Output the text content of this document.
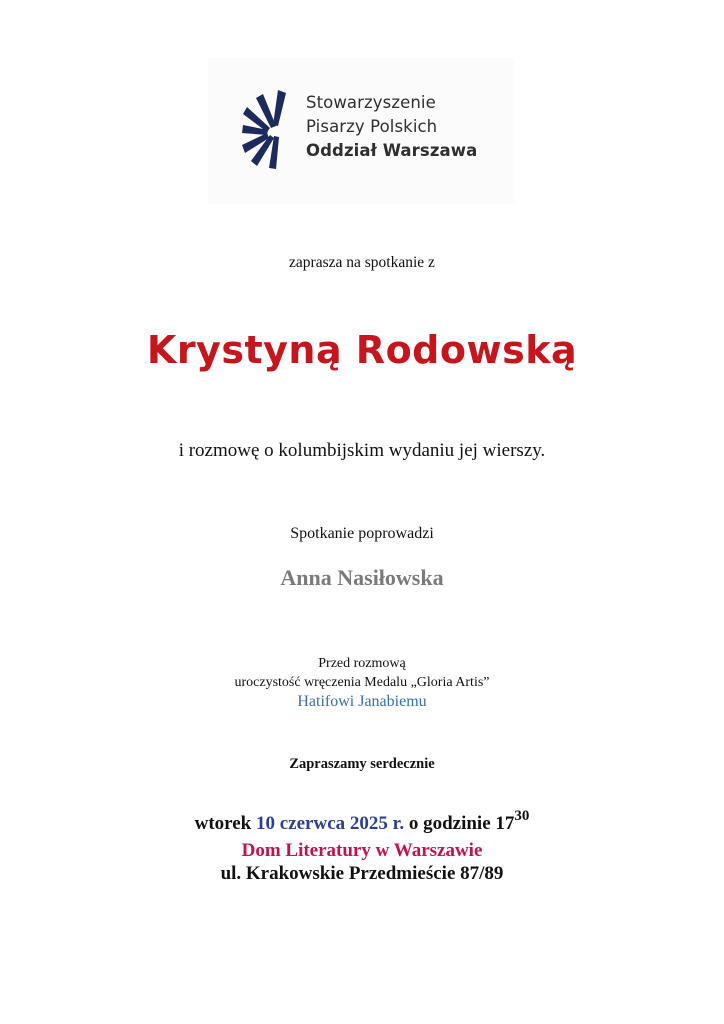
Stowarzyszenie
Pisarzy Polskich
Oddział Warszawa
zaprasza na spotkanie z
Krystyną Rodowską
i rozmowę o kolumbijskim wydaniu jej wierszy.
Spotkanie poprowadzi
Anna Nasiłowska
Przed rozmową
uroczystość wręczenia Medalu „Gloria Artis”
Hatifowi Janabiemu
Zapraszamy serdecznie
wtorek 10 czerwca 2025 r. o godzinie $17^{30}$
Dom Literatury w Warszawie
ul. Krakowskie Przedmieście 87/89
